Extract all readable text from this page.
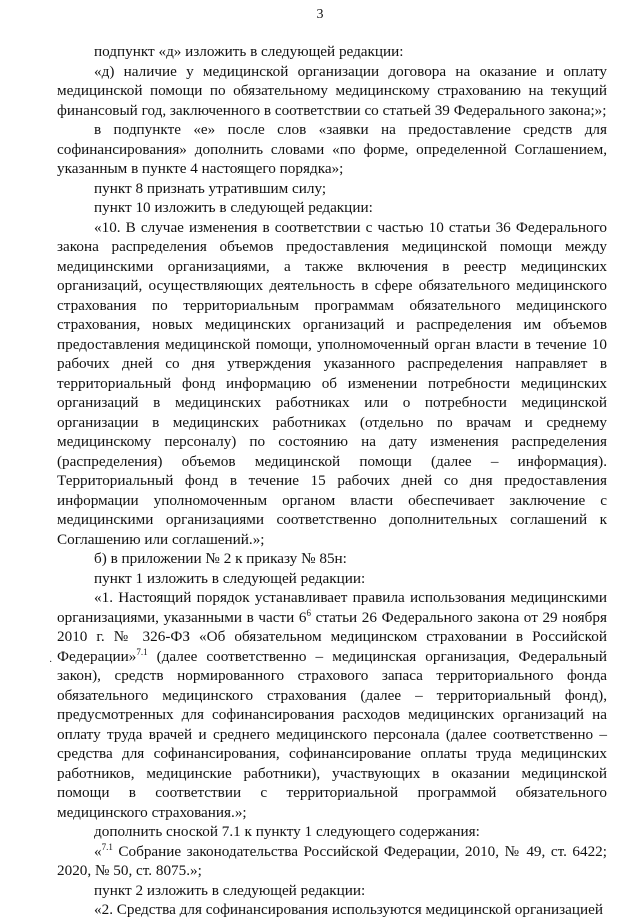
3
·

подпункт «д» изложить в следующей редакции:

«д) наличие у медицинской организации договора на оказание и оплату медицинской помощи по обязательному медицинскому страхованию на текущий финансовый год, заключенного в соответствии со статьей 39 Федерального закона;»;

в подпункте «е» после слов «заявки на предоставление средств для софинансирования» дополнить словами «по форме, определенной Соглашением, указанным в пункте 4 настоящего порядка»;

пункт 8 признать утратившим силу;

пункт 10 изложить в следующей редакции:

«10. В случае изменения в соответствии с частью 10 статьи 36 Федерального закона распределения объемов предоставления медицинской помощи между медицинскими организациями, а также включения в реестр медицинских организаций, осуществляющих деятельность в сфере обязательного медицинского страхования по территориальным программам обязательного медицинского страхования, новых медицинских организаций и распределения им объемов предоставления медицинской помощи, уполномоченный орган власти в течение 10 рабочих дней со дня утверждения указанного распределения направляет в территориальный фонд информацию об изменении потребности медицинских организаций в медицинских работниках или о потребности медицинской организации в медицинских работниках (отдельно по врачам и среднему медицинскому персоналу) по состоянию на дату изменения распределения (распределения) объемов медицинской помощи (далее – информация). Территориальный фонд в течение 15 рабочих дней со дня предоставления информации уполномоченным органом власти обеспечивает заключение с медицинскими организациями соответственно дополнительных соглашений к Соглашению или соглашений.»;

б) в приложении № 2 к приказу № 85н:

пункт 1 изложить в следующей редакции:

«1. Настоящий порядок устанавливает правила использования медицинскими организациями, указанными в части $6^6$ статьи 26 Федерального закона от 29 ноября 2010 г. № 326-ФЗ «Об обязательном медицинском страховании в Российской Федерации»$^{7.1}$ (далее соответственно – медицинская организация, Федеральный закон), средств нормированного страхового запаса территориального фонда обязательного медицинского страхования (далее – территориальный фонд), предусмотренных для софинансирования расходов медицинских организаций на оплату труда врачей и среднего медицинского персонала (далее соответственно – средства для софинансирования, софинансирование оплаты труда медицинских работников, медицинские работники), участвующих в оказании медицинской помощи в соответствии с территориальной программой обязательного медицинского страхования.»;

дополнить сноской 7.1 к пункту 1 следующего содержания:

«$^{7.1}$ Собрание законодательства Российской Федерации, 2010, № 49, ст. 6422; 2020, № 50, ст. 8075.»;

пункт 2 изложить в следующей редакции:

«2. Средства для софинансирования используются медицинской организацией
